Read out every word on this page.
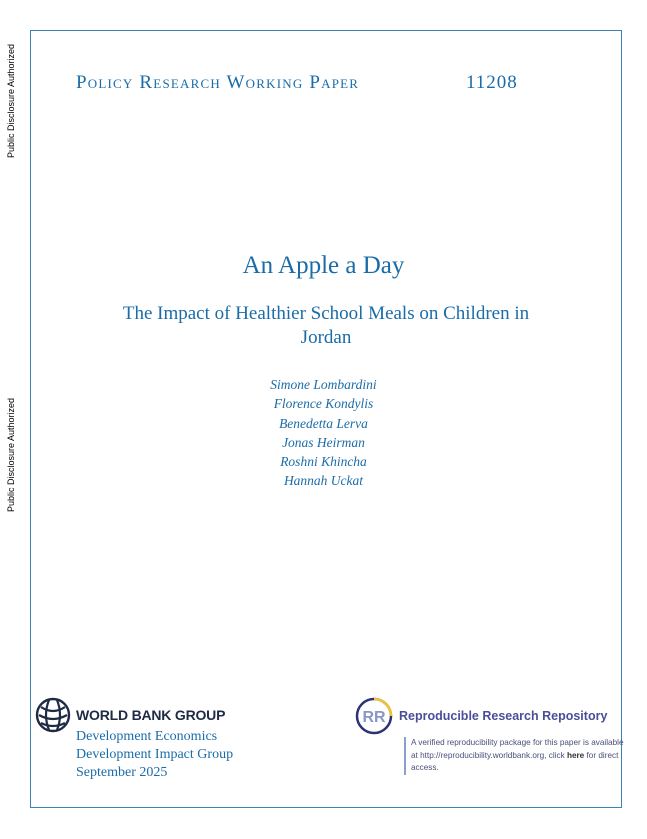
Public Disclosure Authorized
Public Disclosure Authorized
Policy Research Working Paper	11208
An Apple a Day
The Impact of Healthier School Meals on Children in Jordan
Simone Lombardini
Florence Kondylis
Benedetta Lerva
Jonas Heirman
Roshni Khincha
Hannah Uckat
WORLD BANK GROUP
Development Economics
Development Impact Group
September 2025
RR Reproducible Research Repository
A verified reproducibility package for this paper is available at http://reproducibility.worldbank.org, click here for direct access.
